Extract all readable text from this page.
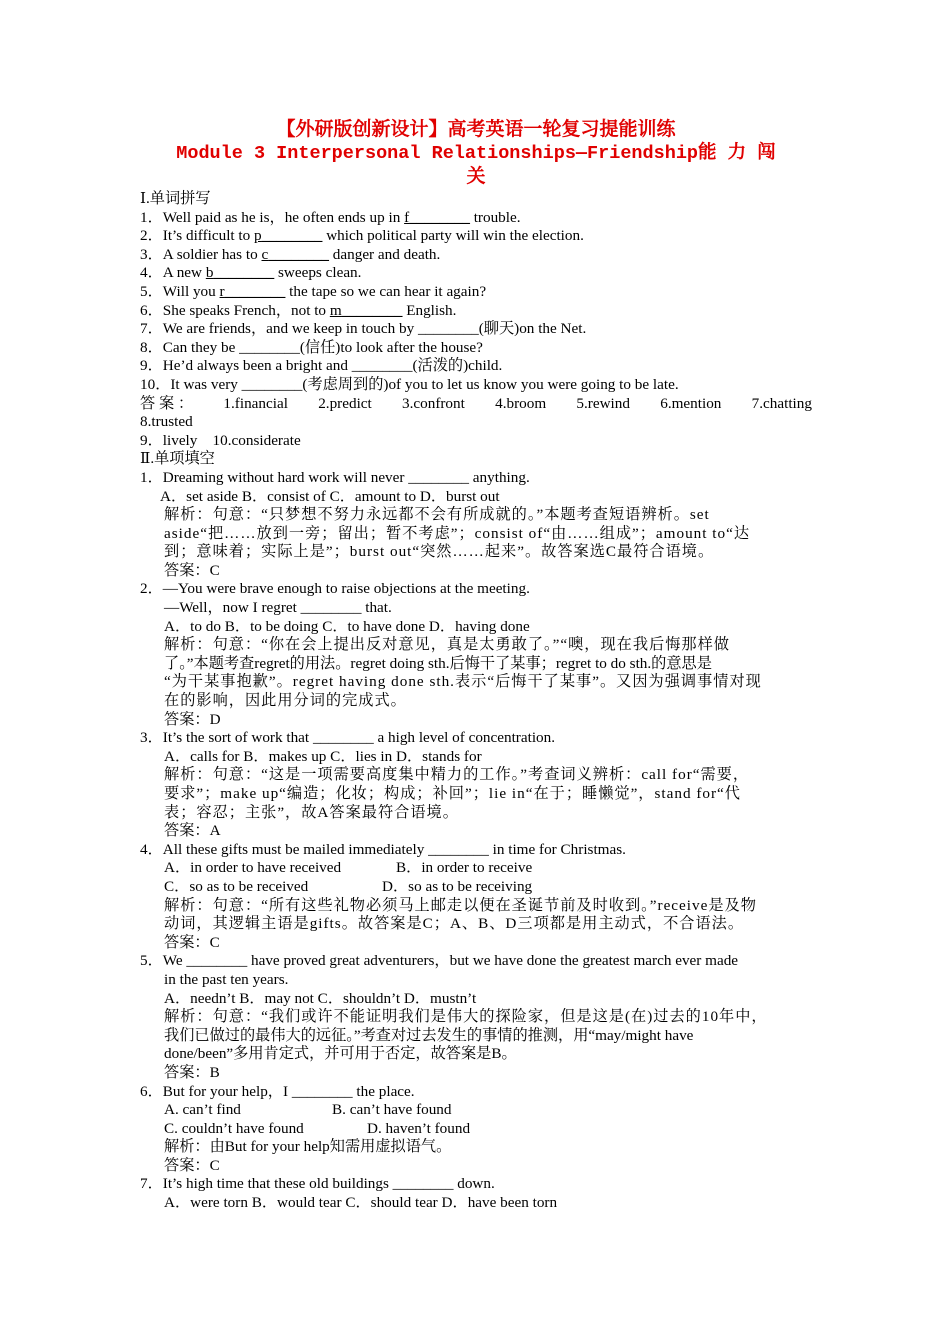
【外研版创新设计】高考英语一轮复习提能训练
Module 3 Interpersonal Relationships—Friendship能 力 闯
关
Ⅰ.单词拼写
1．Well paid as he is，he often ends up in f________ trouble.
2．It’s difficult to p________ which political party will win the election.
3．A soldier has to c________ danger and death.
4．A new b________ sweeps clean.
5．Will you r________ the tape so we can hear it again?
6．She speaks French，not to m________ English.
7．We are friends，and we keep in touch by ________(聊天)on the Net.
8．Can they be ________(信任)to look after the house?
9．He’d always been a bright and ________(活泼的)child.
10．It was very ________(考虑周到的)of you to let us know you were going to be late.
答 案 ： 1.financial 2.predict 3.confront 4.broom 5.rewind 6.mention 7.chatting
8.trusted
9．lively　10.considerate
Ⅱ.单项填空
1．Dreaming without hard work will never ________ anything.
A．set aside B．consist of C．amount to D．burst out
解析：句意：“只梦想不努力永远都不会有所成就的。”本题考查短语辨析。set
aside“把……放到一旁；留出；暂不考虑”；consist of“由……组成”；amount to“达
到；意味着；实际上是”；burst out“突然……起来”。故答案选C最符合语境。
答案：C
2．—You were brave enough to raise objections at the meeting.
—Well，now I regret ________ that.
A．to do B．to be doing C．to have done D．having done
解析：句意：“你在会上提出反对意见，真是太勇敢了。”“噢，现在我后悔那样做
了。”本题考查regret的用法。regret doing sth.后悔干了某事；regret to do sth.的意思是
“为干某事抱歉”。regret having done sth.表示“后悔干了某事”。又因为强调事情对现
在的影响，因此用分词的完成式。
答案：D
3．It’s the sort of work that ________ a high level of concentration.
A．calls for B．makes up C．lies in D．stands for
解析：句意：“这是一项需要高度集中精力的工作。”考查词义辨析：call for“需要，
要求”；make up“编造；化妆；构成；补回”；lie in“在于；睡懒觉”，stand for“代
表；容忍；主张”，故A答案最符合语境。
答案：A
4．All these gifts must be mailed immediately ________ in time for Christmas.
A．in order to have received	B．in order to receive
C．so as to be received	D．so as to be receiving
解析：句意：“所有这些礼物必须马上邮走以便在圣诞节前及时收到。”receive是及物
动词，其逻辑主语是gifts。故答案是C；A、B、D三项都是用主动式，不合语法。
答案：C
5．We ________ have proved great adventurers，but we have done the greatest march ever made
in the past ten years.
A．needn’t B．may not C．shouldn’t D．mustn’t
解析：句意：“我们或许不能证明我们是伟大的探险家，但是这是(在)过去的10年中，
我们已做过的最伟大的远征。”考查对过去发生的事情的推测，用“may/might have
done/been”多用肯定式，并可用于否定，故答案是B。
答案：B
6．But for your help，I ________ the place.
A. can’t find	B. can’t have found
C. couldn’t have found	D. haven’t found
解析：由But for your help知需用虚拟语气。
答案：C
7．It’s high time that these old buildings ________ down.
A．were torn B．would tear C．should tear D．have been torn
